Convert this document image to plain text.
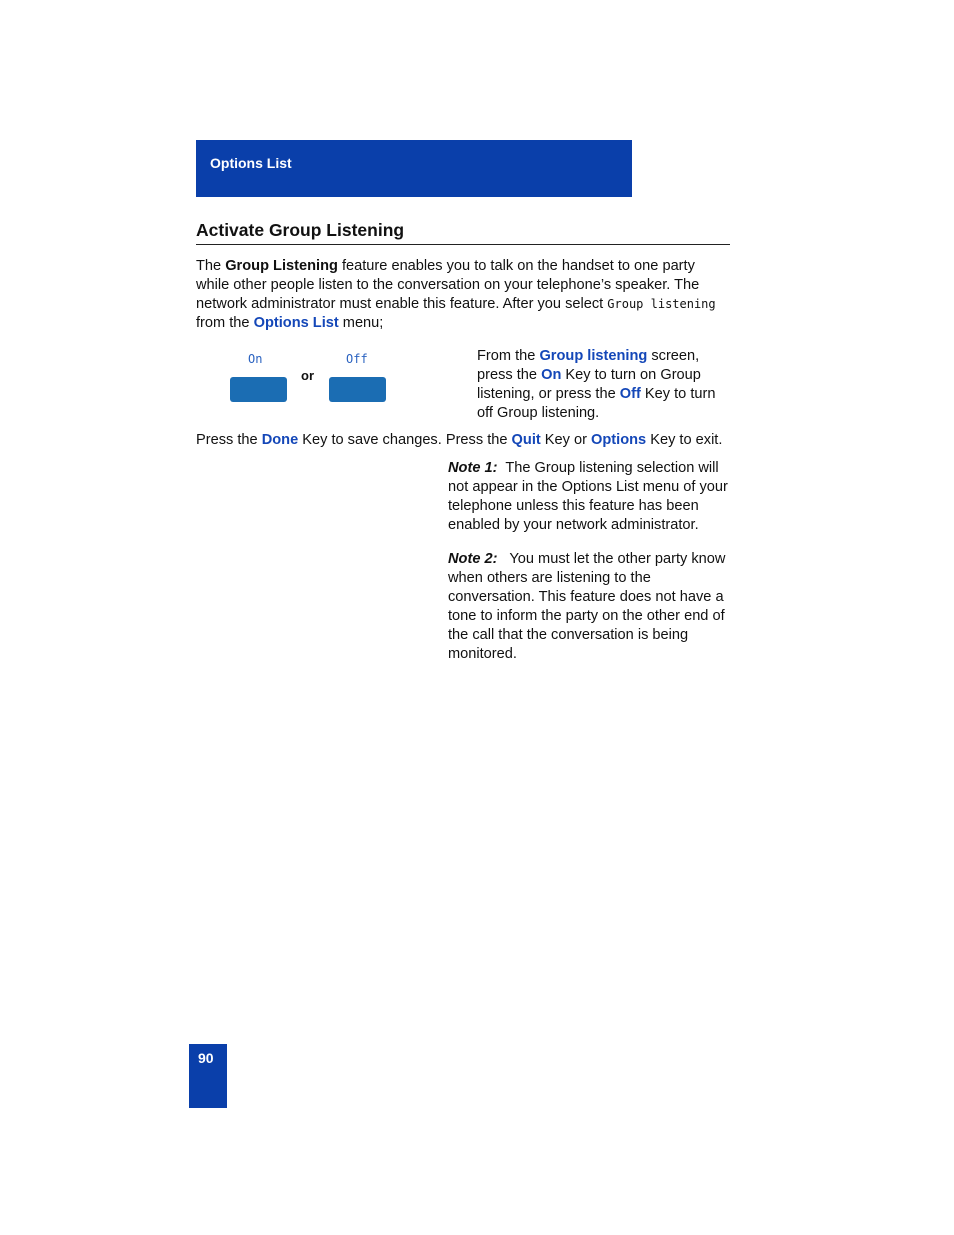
Options List
Activate Group Listening
The Group Listening feature enables you to talk on the handset to one party while other people listen to the conversation on your telephone’s speaker. The network administrator must enable this feature. After you select Group listening from the Options List menu;
On
or
Off	From the Group listening screen, press the On Key to turn on Group listening, or press the Off Key to turn off Group listening.
Press the Done Key to save changes. Press the Quit Key or Options Key to exit.
Note 1:  The Group listening selection will not appear in the Options List menu of your telephone unless this feature has been enabled by your network administrator.
Note 2:   You must let the other party know when others are listening to the conversation. This feature does not have a tone to inform the party on the other end of the call that the conversation is being monitored.
90
